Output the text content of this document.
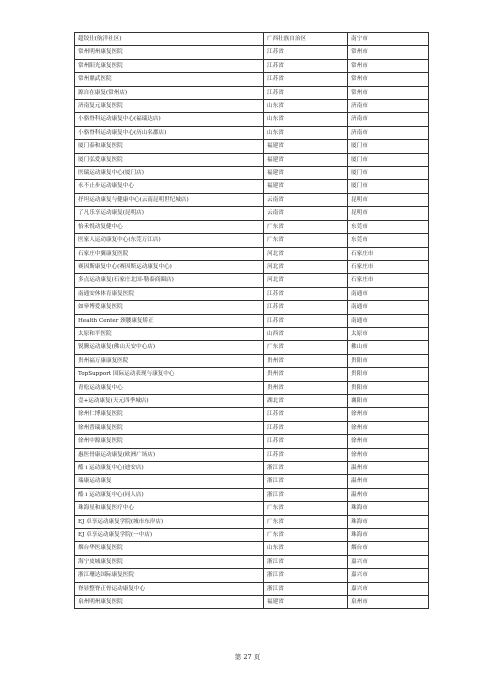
超铰仕(航洋社区)	广西壮族自治区	南宁市
常州明州康复医院	江苏省	常州市
常州阳光康复医院	江苏省	常州市
常州鼎武医院	江苏省	常州市
源自在康复(常州店)	江苏省	常州市
济南复元康复医院	山东省	济南市
小骆脊科运动康复中心(福瑞达店)	山东省	济南市
小骆脊科运动康复中心(历山名郡店)	山东省	济南市
厦门泰和康复医院	福建省	厦门市
厦门弘爱康复医院	福建省	厦门市
医瑞运动康复中心(厦门店)	福建省	厦门市
永不止步运动康复中心	福建省	厦门市
抒坦运动康复与健康中心(云南昆明世纪城店)	云南省	昆明市
了凡乐享运动康复(昆明店)	云南省	昆明市
怡禾悦动复健中心	广东省	东莞市
医家人运动康复中心(东莞万江店)	广东省	东莞市
石家庄中翼康复医院	河北省	石家庄市
赛因斯康复中心(赛因斯运动康复中心)	河北省	石家庄市
多点运动康复(石家庄北国-勒泰商圈店)	河北省	石家庄市
南通安休体育康复医院	江苏省	南通市
如皋博爱康复医院	江苏省	南通市
Health Center 颈腰康复矫正	江苏省	南通市
太原和平医院	山西省	太原市
锐腾运动康复(佛山天安中心店)	广东省	佛山市
贵州福万康康复医院	贵州省	贵阳市
TopSupport 国际运动表现与康复中心	贵州省	贵阳市
青松运动康复中心	贵州省	贵阳市
壹+运动康复(天元四季城店)	湖北省	襄阳市
徐州仁博康复医院	江苏省	徐州市
徐州普瑞康复医院	江苏省	徐州市
徐州中源康复医院	江苏省	徐州市
惠医骨康运动康复(欧洲广场店)	江苏省	徐州市
酷 i 运动康复中心(迪安店)	浙江省	温州市
瑞康运动康复	浙江省	温州市
酷 i 运动康复中心(同人店)	浙江省	温州市
珠海星和康复医疗中心	广东省	珠海市
EJ 卓享运动康复学院(城市东岸店)	广东省	珠海市
EJ 卓享运动康复学院(一中店)	广东省	珠海市
烟台华医康复医院	山东省	烟台市
海宁皮城康复医院	浙江省	嘉兴市
浙江珊达国际康复医院	浙江省	嘉兴市
脊显整脊正骨运动康复中心	浙江省	嘉兴市
泉州明州康复医院	福建省	泉州市
第 27 页
